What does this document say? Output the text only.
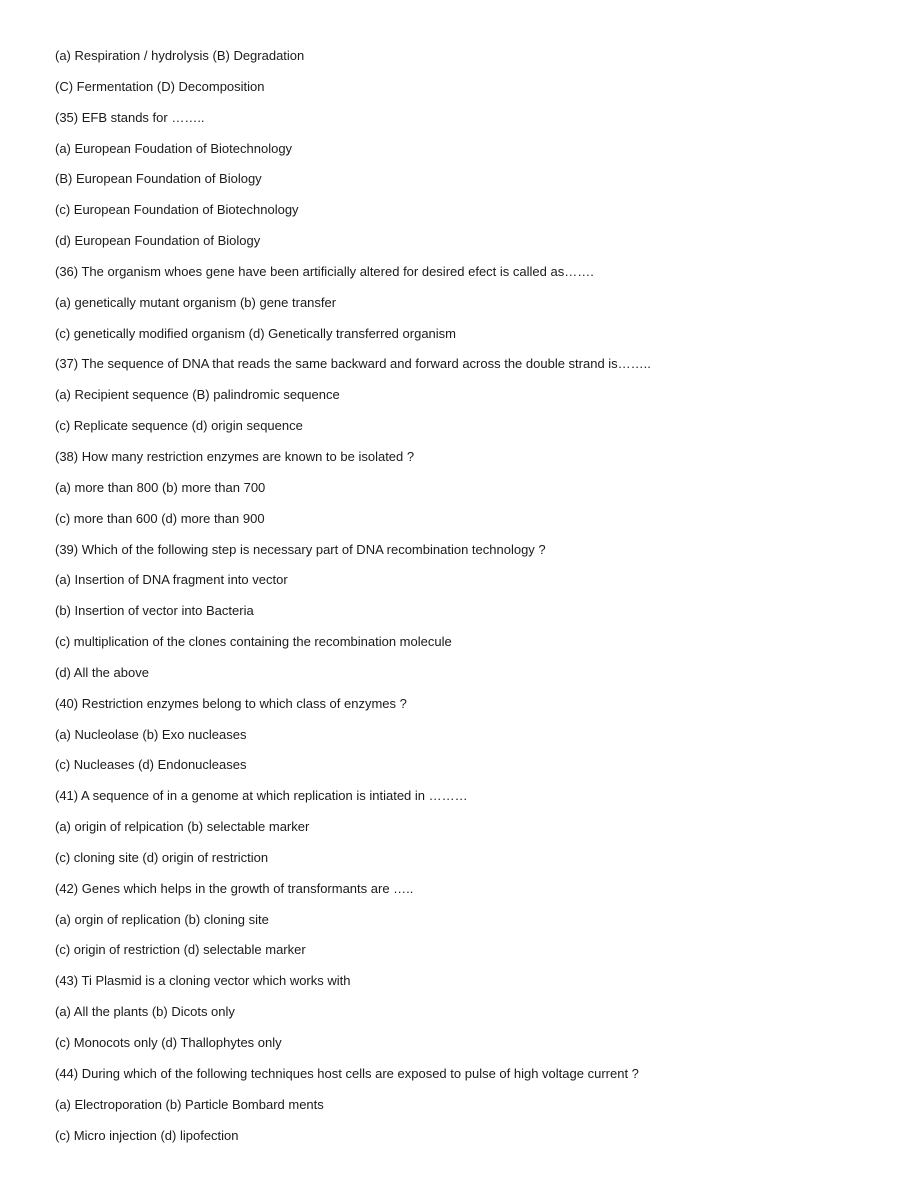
(a) Respiration / hydrolysis (B) Degradation
(C) Fermentation (D) Decomposition
(35) EFB stands for ……..
(a) European Foudation of Biotechnology
(B) European Foundation of Biology
(c) European Foundation of Biotechnology
(d) European Foundation of Biology
(36) The organism whoes gene have been artificially altered for desired efect is called as…….
(a) genetically mutant organism (b) gene transfer
(c) genetically modified organism (d) Genetically transferred organism
(37) The sequence of DNA that reads the same backward and forward across the double strand is……..
(a) Recipient sequence (B) palindromic sequence
(c) Replicate sequence (d) origin sequence
(38) How many restriction enzymes are known to be isolated ?
(a) more than 800 (b) more than 700
(c) more than 600 (d) more than 900
(39) Which of the following step is necessary part of DNA recombination technology ?
(a) Insertion of DNA fragment into vector
(b) Insertion of vector into Bacteria
(c) multiplication of the clones containing the recombination molecule
(d) All the above
(40) Restriction enzymes belong to which class of enzymes ?
(a) Nucleolase (b) Exo nucleases
(c) Nucleases (d) Endonucleases
(41) A sequence of in a genome at which replication is intiated in ………
(a) origin of relpication (b) selectable marker
(c) cloning site (d) origin of restriction
(42) Genes which helps in the growth of transformants are …..
(a) orgin of replication (b) cloning site
(c) origin of restriction (d) selectable marker
(43) Ti Plasmid is a cloning vector which works with
(a) All the plants (b) Dicots only
(c) Monocots only (d) Thallophytes only
(44) During which of the following techniques host cells are exposed to pulse of high voltage current ?
(a) Electroporation (b) Particle Bombard ments
(c) Micro injection (d) lipofection
